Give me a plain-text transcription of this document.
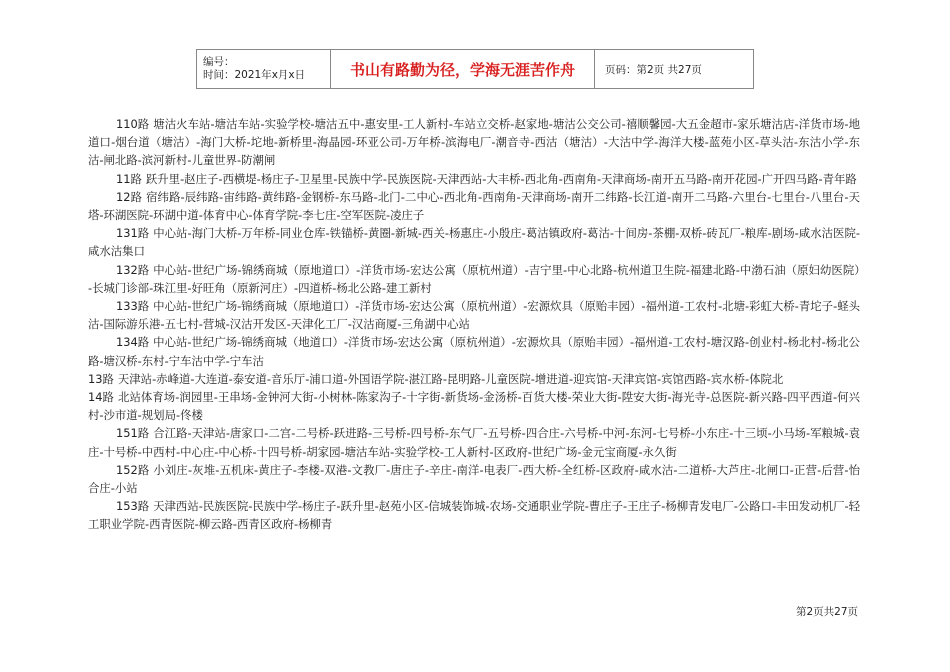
编号：
时间：2021年x月x日	书山有路勤为径，学海无涯苦作舟	页码：第2页 共27页

110路 塘沽火车站-塘沽车站-实验学校-塘沽五中-惠安里-工人新村-车站立交桥-赵家地-塘沽公交公司-禧顺馨园-大五金超市-家乐塘沽店-洋货市场-地道口-烟台道（塘沽）-海门大桥-坨地-新桥里-海晶园-环亚公司-万年桥-滨海电厂-潮音寺-西沽（塘沽）-大沽中学-海洋大楼-蓝苑小区-草头沽-东沽小学-东沽-闸北路-滨河新村-儿童世界-防潮闸

11路 跃升里-赵庄子-西横堤-杨庄子-卫星里-民族中学-民族医院-天津西站-大丰桥-西北角-西南角-天津商场-南开五马路-南开花园-广开四马路-青年路

12路 宿纬路-辰纬路-宙纬路-黄纬路-金钢桥-东马路-北门-二中心-西北角-西南角-天津商场-南开二纬路-长江道-南开二马路-六里台-七里台-八里台-天塔-环湖医院-环湖中道-体育中心-体育学院-李七庄-空军医院-凌庄子

131路 中心站-海门大桥-万年桥-同业仓库-铁锚桥-黄圈-新城-西关-杨惠庄-小殷庄-葛沽镇政府-葛沽-十间房-茶棚-双桥-砖瓦厂-粮库-剧场-咸水沽医院-咸水沽集口

132路 中心站-世纪广场-锦绣商城（原地道口）-洋货市场-宏达公寓（原杭州道）-吉宁里-中心北路-杭州道卫生院-福建北路-中渤石油（原妇幼医院）-长城门诊部-珠江里-好旺角（原新河庄）-四道桥-杨北公路-建工新村

133路 中心站-世纪广场-锦绣商城（原地道口）-洋货市场-宏达公寓（原杭州道）-宏源炊具（原贻丰园）-福州道-工农村-北塘-彩虹大桥-青坨子-蛏头沽-国际游乐港-五七村-营城-汉沽开发区-天津化工厂-汉沽商厦-三角湖中心站

134路 中心站-世纪广场-锦绣商城（地道口）-洋货市场-宏达公寓（原杭州道）-宏源炊具（原贻丰园）-福州道-工农村-塘汉路-创业村-杨北村-杨北公路-塘汉桥-东村-宁车沽中学-宁车沽

13路 天津站-赤峰道-大连道-泰安道-音乐厅-浦口道-外国语学院-湛江路-昆明路-儿童医院-增进道-迎宾馆-天津宾馆-宾馆西路-宾水桥-体院北

14路 北站体育场-润园里-王串场-金钟河大街-小树林-陈家沟子-十字街-新货场-金汤桥-百货大楼-荣业大街-陞安大街-海光寺-总医院-新兴路-四平西道-何兴村-沙市道-规划局-佟楼

151路 合江路-天津站-唐家口-二宫-二号桥-跃进路-三号桥-四号桥-东气厂-五号桥-四合庄-六号桥-中河-东河-七号桥-小东庄-十三顷-小马场-军粮城-袁庄-十号桥-中西村-中心庄-中心桥-十四号桥-胡家园-塘沽车站-实验学校-工人新村-区政府-世纪广场-金元宝商厦-永久街

152路 小刘庄-灰堆-五机床-黄庄子-李楼-双港-文教厂-唐庄子-辛庄-南洋-电表厂-西大桥-全红桥-区政府-咸水沽-二道桥-大芦庄-北闸口-正营-后营-怡合庄-小站

153路 天津西站-民族医院-民族中学-杨庄子-跃升里-赵苑小区-信城装饰城-农场-交通职业学院-曹庄子-王庄子-杨柳青发电厂-公路口-丰田发动机厂-轻工职业学院-西青医院-柳云路-西青区政府-杨柳青

第2页共27页
